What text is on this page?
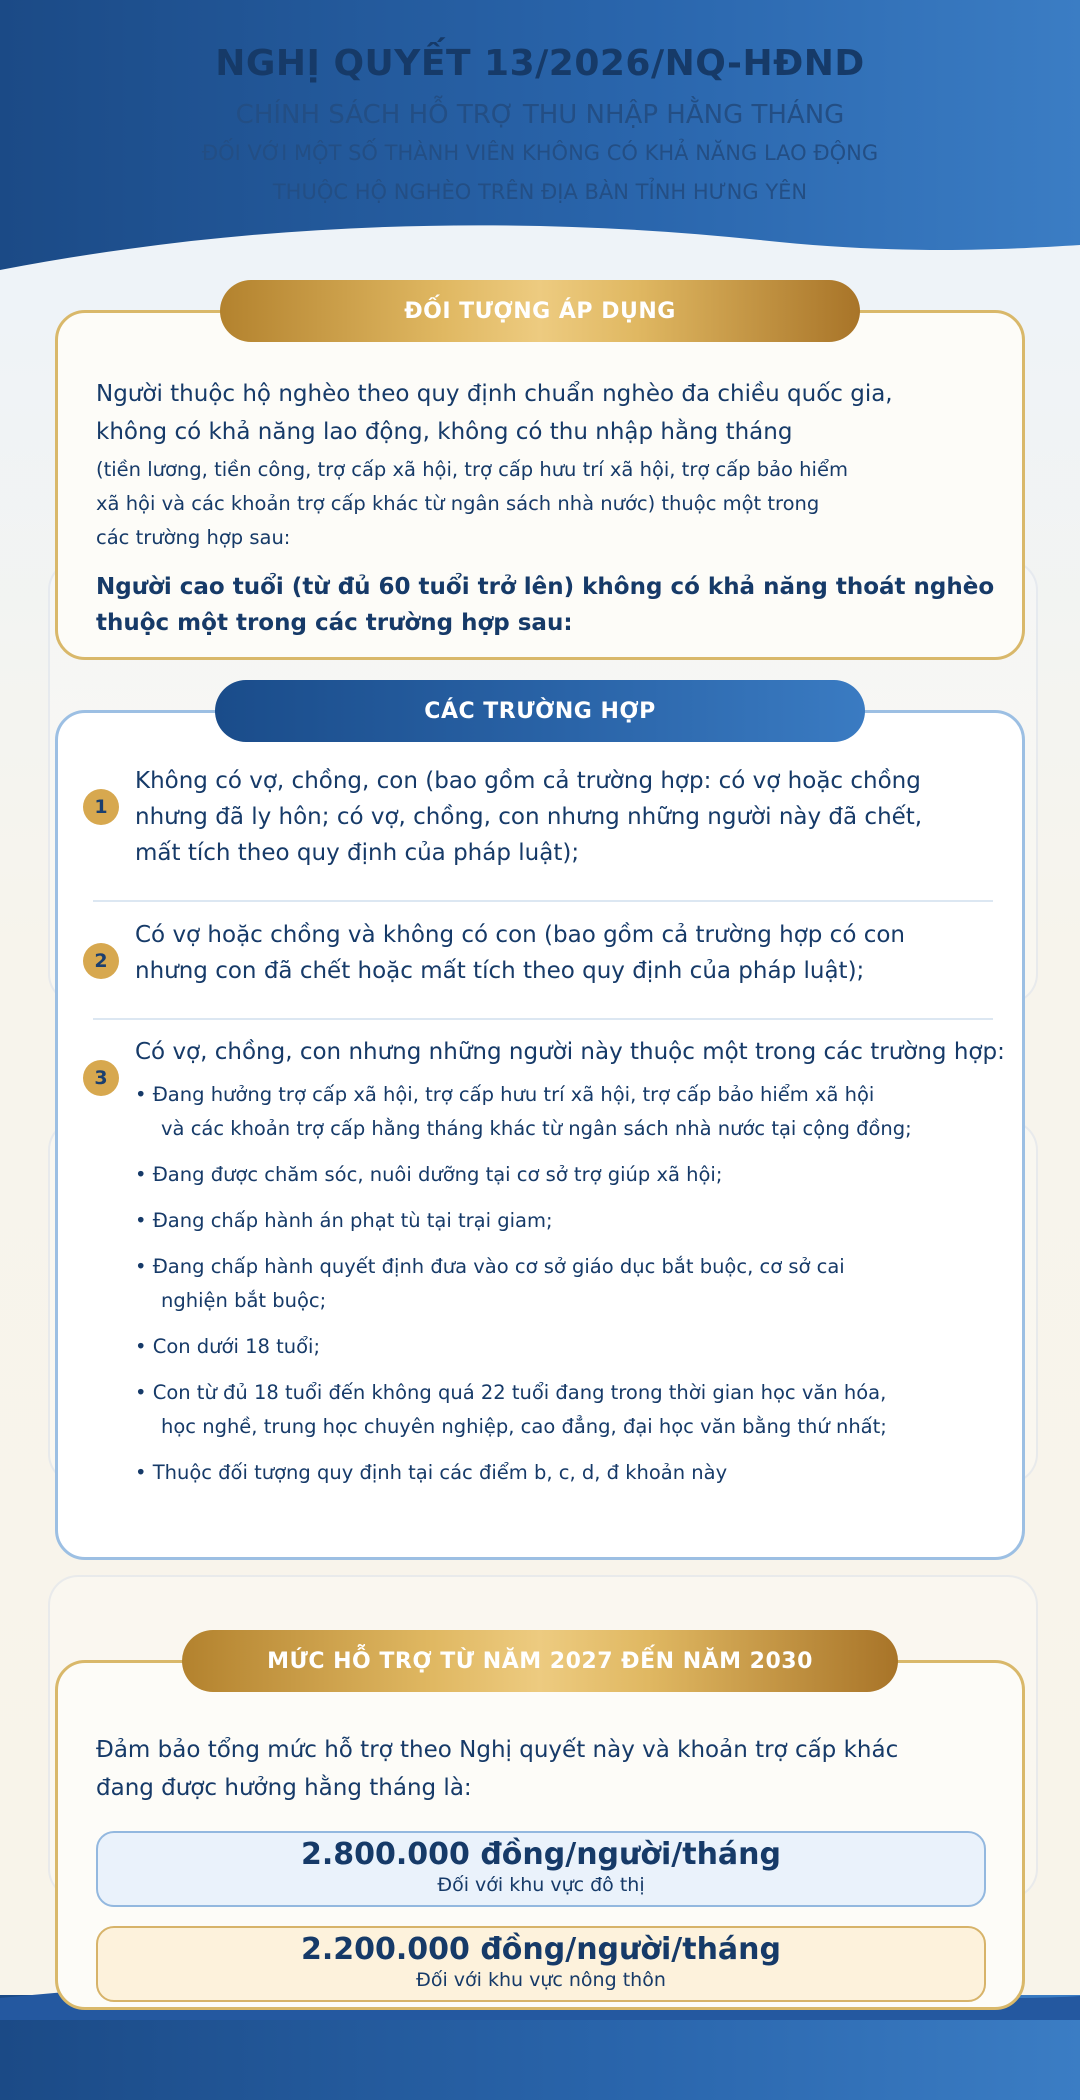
NGHỊ QUYẾT 13/2026/NQ-HĐND
CHÍNH SÁCH HỖ TRỢ THU NHẬP HẰNG THÁNG
ĐỐI VỚI MỘT SỐ THÀNH VIÊN KHÔNG CÓ KHẢ NĂNG LAO ĐỘNG
THUỘC HỘ NGHÈO TRÊN ĐỊA BÀN TỈNH HƯNG YÊN
Người thuộc hộ nghèo theo quy định chuẩn nghèo đa chiều quốc gia,
không có khả năng lao động, không có thu nhập hằng tháng
(tiền lương, tiền công, trợ cấp xã hội, trợ cấp hưu trí xã hội, trợ cấp bảo hiểm
xã hội và các khoản trợ cấp khác từ ngân sách nhà nước) thuộc một trong
các trường hợp sau:
Người cao tuổi (từ đủ 60 tuổi trở lên) không có khả năng thoát nghèo
thuộc một trong các trường hợp sau:
ĐỐI TƯỢNG ÁP DỤNG
1
Không có vợ, chồng, con (bao gồm cả trường hợp: có vợ hoặc chồng
nhưng đã ly hôn; có vợ, chồng, con nhưng những người này đã chết,
mất tích theo quy định của pháp luật);
2
Có vợ hoặc chồng và không có con (bao gồm cả trường hợp có con
nhưng con đã chết hoặc mất tích theo quy định của pháp luật);
3
Có vợ, chồng, con nhưng những người này thuộc một trong các trường hợp:
• Đang hưởng trợ cấp xã hội, trợ cấp hưu trí xã hội, trợ cấp bảo hiểm xã hội
và các khoản trợ cấp hằng tháng khác từ ngân sách nhà nước tại cộng đồng;
• Đang được chăm sóc, nuôi dưỡng tại cơ sở trợ giúp xã hội;
• Đang chấp hành án phạt tù tại trại giam;
• Đang chấp hành quyết định đưa vào cơ sở giáo dục bắt buộc, cơ sở cai
nghiện bắt buộc;
• Con dưới 18 tuổi;
• Con từ đủ 18 tuổi đến không quá 22 tuổi đang trong thời gian học văn hóa,
học nghề, trung học chuyên nghiệp, cao đẳng, đại học văn bằng thứ nhất;
• Thuộc đối tượng quy định tại các điểm b, c, d, đ khoản này
CÁC TRƯỜNG HỢP
Đảm bảo tổng mức hỗ trợ theo Nghị quyết này và khoản trợ cấp khác
đang được hưởng hằng tháng là:
2.800.000 đồng/người/tháng
Đối với khu vực đô thị
2.200.000 đồng/người/tháng
Đối với khu vực nông thôn
MỨC HỖ TRỢ TỪ NĂM 2027 ĐẾN NĂM 2030
